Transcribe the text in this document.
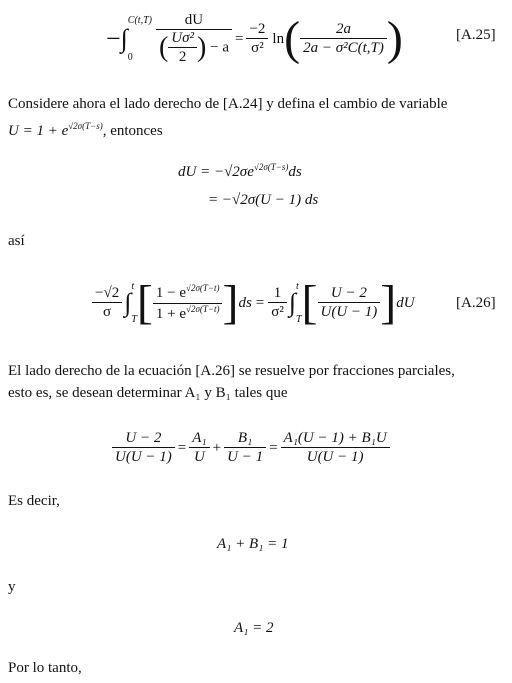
−∫
C(t,T)
0	$\frac{dU}{( \frac{\text{Uσ²}}{2} ) - a} = \frac{-2}{\text{σ²}}$ ln ( $\frac{2a}{\text{2a − σ²C(t,T)}}$ )	[A.25]
Considere ahora el lado derecho de [A.24] y defina el cambio de variable
$U = 1 + e^{√2\sigma(T-s)}$, entonces
dU = $-√2\sigma e^{√2\sigma(T-s)}ds$
= −√2σ(U − 1) ds
así
$\frac{-√2}{\sigma}$ ∫
t
T [ $\frac{1 - e^{√2\sigma(T-t)}}{1 + e^{√2\sigma(T-t)}}$ ] ds = $\frac{1}{\text{σ²}}$ ∫
t
T [ $\frac{U - 2}{U(U - 1)}$ ] dU	[A.26]
El lado derecho de la ecuación [A.26] se resuelve por fracciones parciales,
esto es, se desean determinar A₁ y B₁ tales que
$\frac{U - 2}{U(U - 1)} = \frac{\text{A₁}}{U} + \frac{\text{B₁}}{U - 1} = \frac{\text{A₁(U − 1) + B₁U}}{U(U - 1)}$
Es decir,
A₁ + B₁ = 1
y
A₁ = 2
Por lo tanto,
